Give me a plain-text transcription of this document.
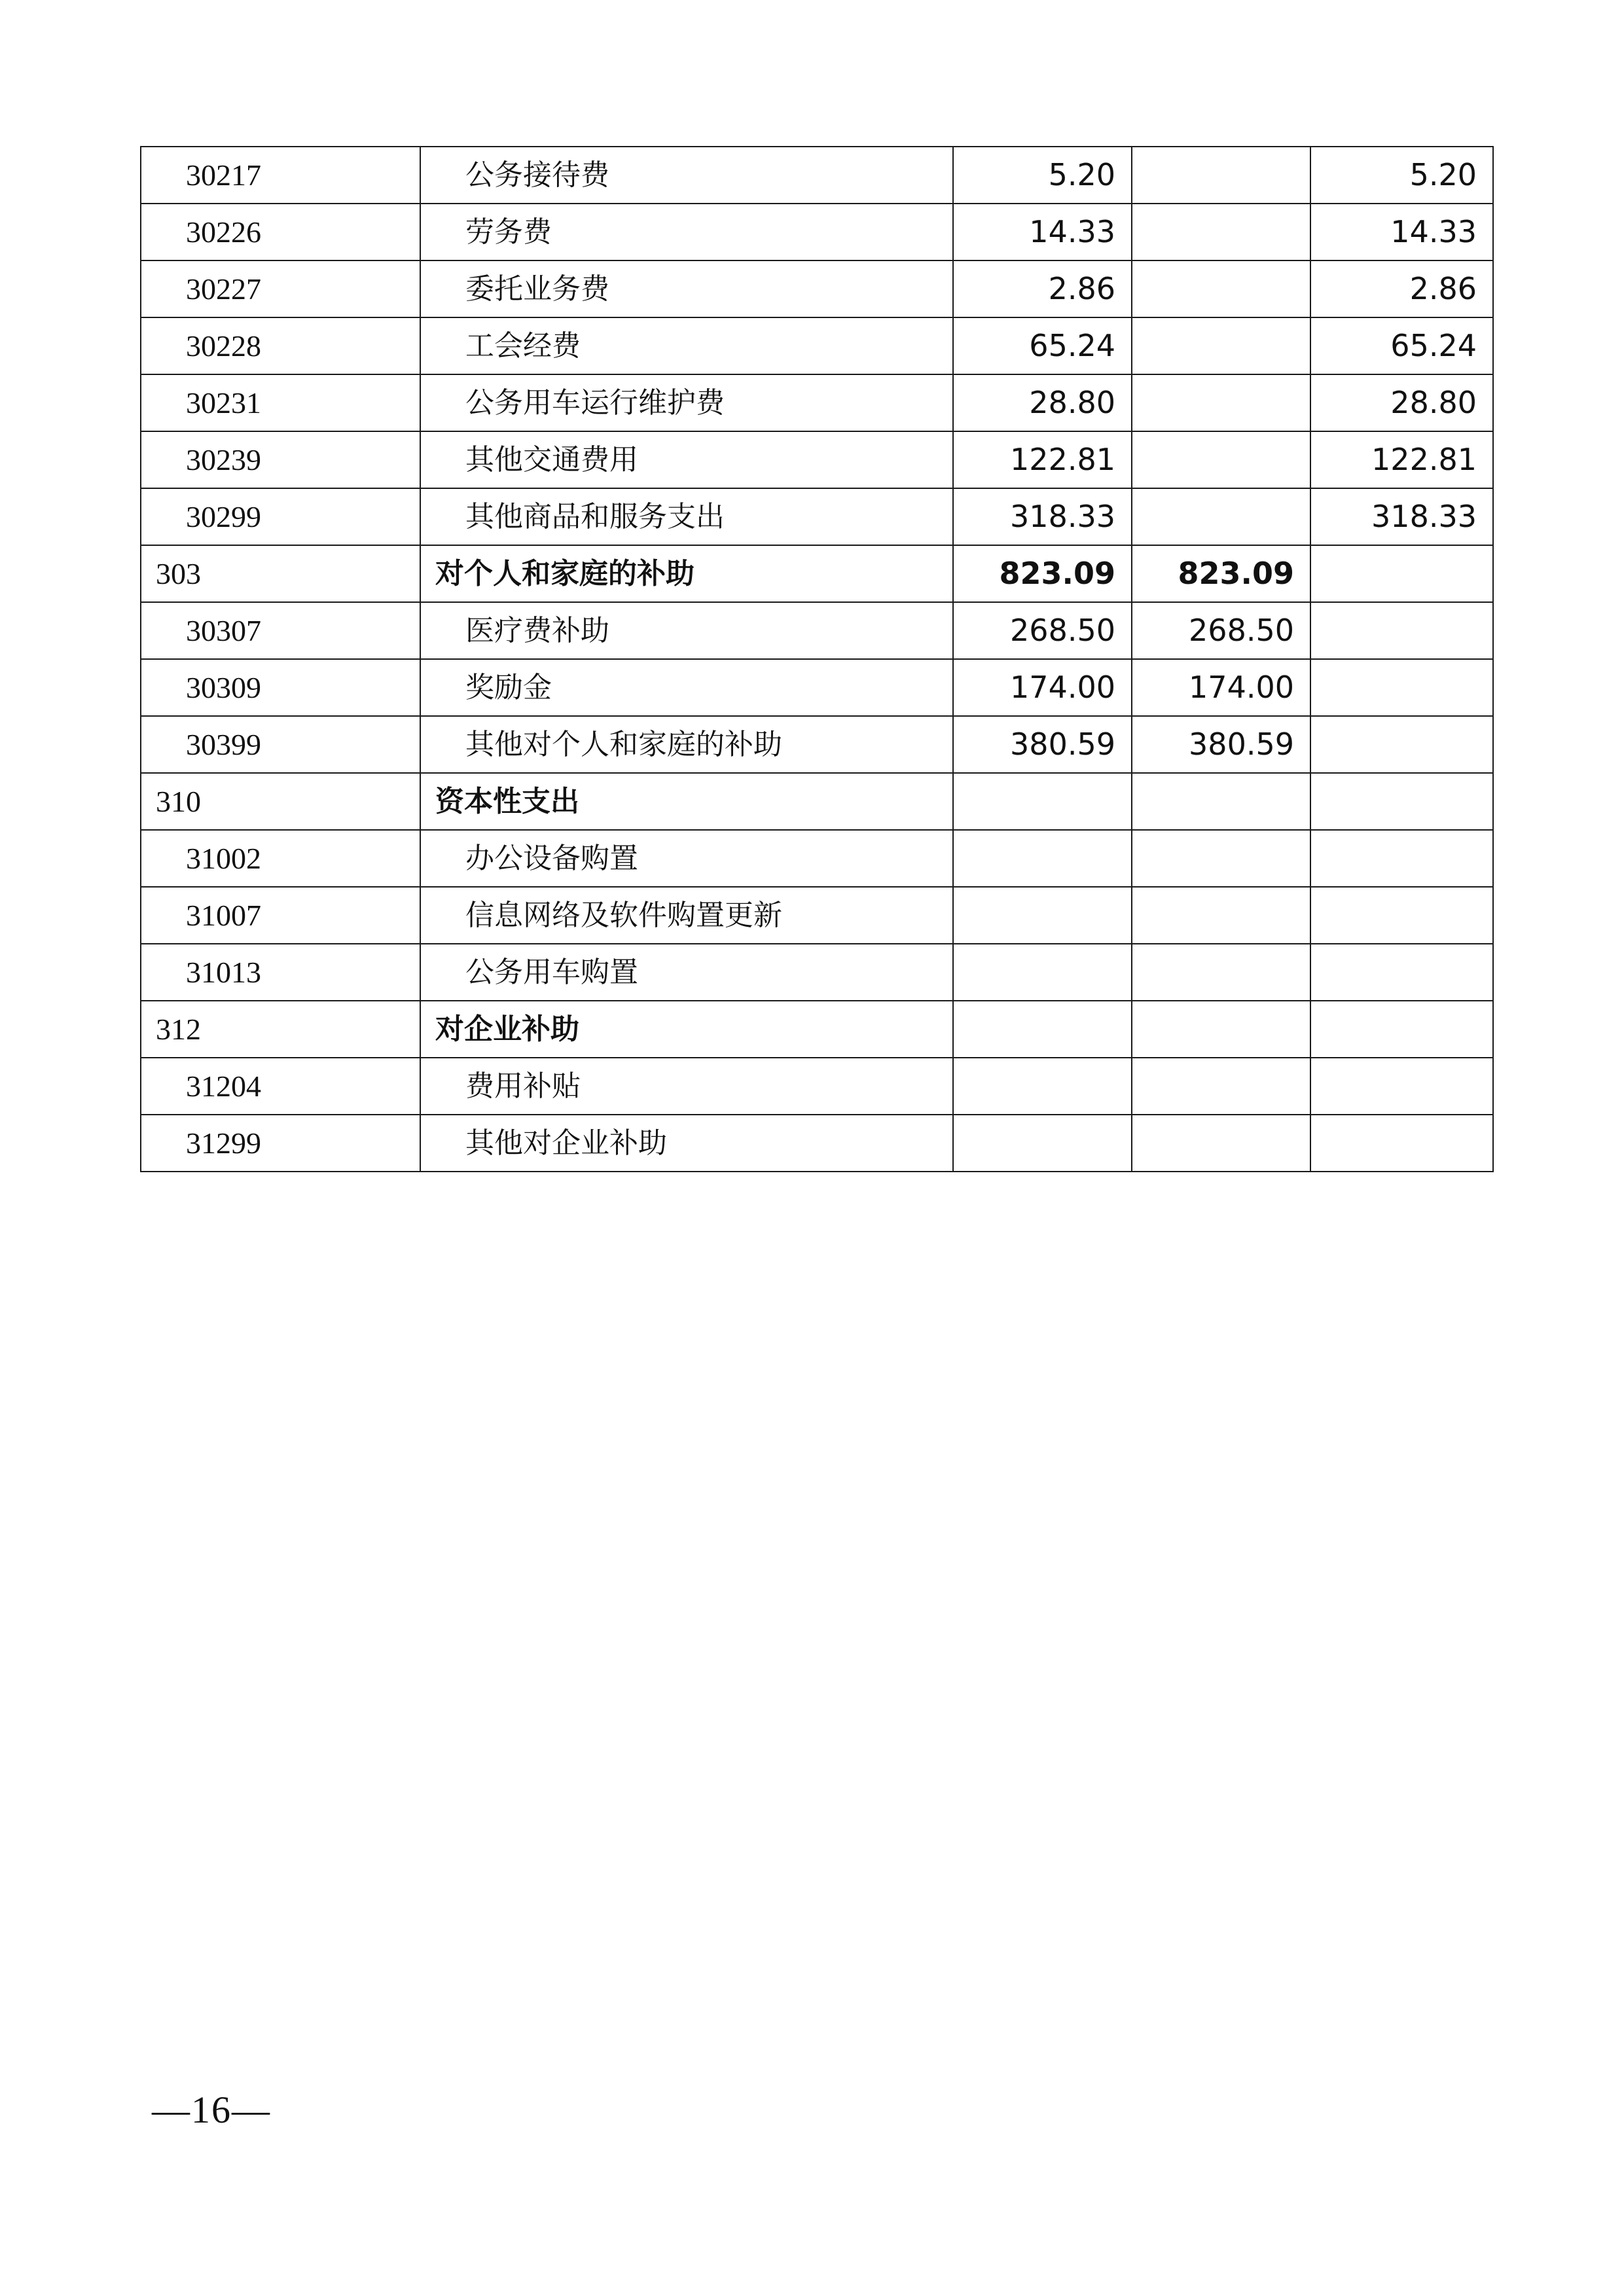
30217	公务接待费	5.20		5.20
30226	劳务费	14.33		14.33
30227	委托业务费	2.86		2.86
30228	工会经费	65.24		65.24
30231	公务用车运行维护费	28.80		28.80
30239	其他交通费用	122.81		122.81
30299	其他商品和服务支出	318.33		318.33
303	对个人和家庭的补助	823.09	823.09	
30307	医疗费补助	268.50	268.50	
30309	奖励金	174.00	174.00	
30399	其他对个人和家庭的补助	380.59	380.59	
310	资本性支出			
31002	办公设备购置			
31007	信息网络及软件购置更新			
31013	公务用车购置			
312	对企业补助			
31204	费用补贴			
31299	其他对企业补助			
—16—
